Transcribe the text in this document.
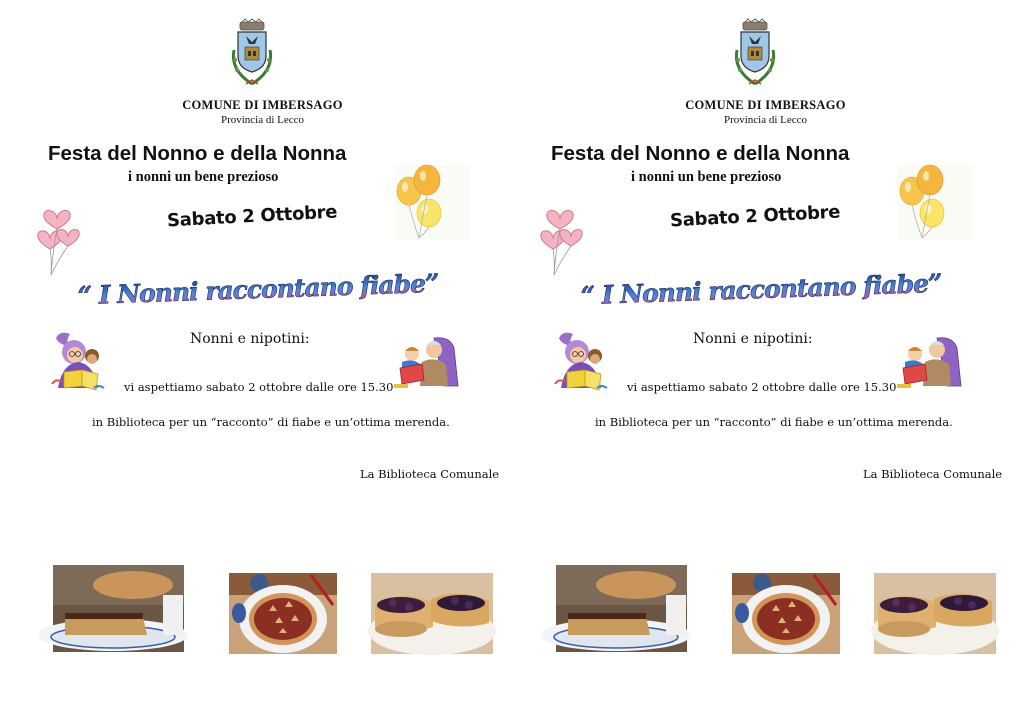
COMUNE DI IMBERSAGO
Provincia di Lecco
Festa del Nonno e della Nonna
i nonni un bene prezioso
Sabato 2 Ottobre
“ I Nonni raccontano fiabe”
Nonni e nipotini:
vi aspettiamo sabato 2 ottobre dalle ore 15.30
in Biblioteca per un “racconto” di fiabe e un’ottima merenda.
La Biblioteca Comunale
COMUNE DI IMBERSAGO
Provincia di Lecco
Festa del Nonno e della Nonna
i nonni un bene prezioso
Sabato 2 Ottobre
“ I Nonni raccontano fiabe”
Nonni e nipotini:
vi aspettiamo sabato 2 ottobre dalle ore 15.30
in Biblioteca per un “racconto” di fiabe e un’ottima merenda.
La Biblioteca Comunale
